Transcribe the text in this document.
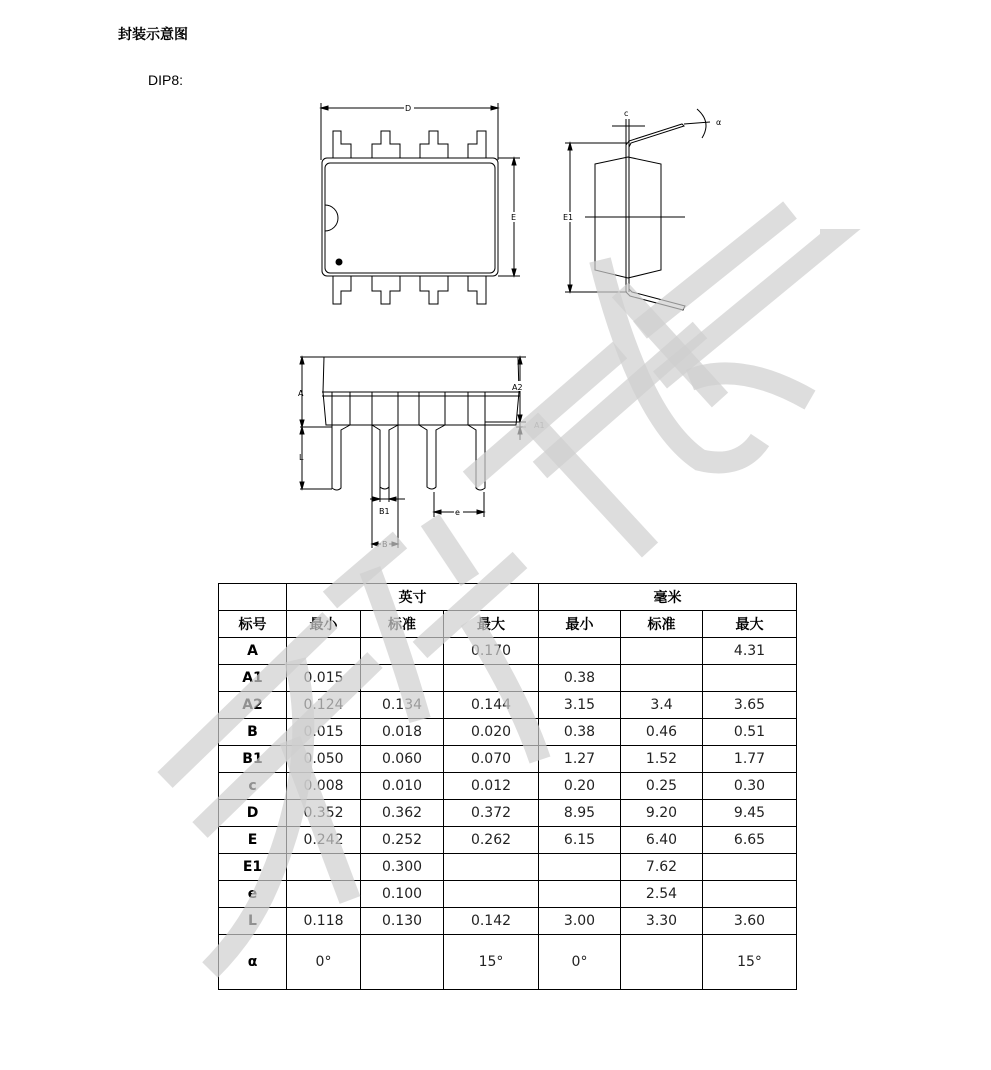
封装示意图
DIP8:
D
E
c
α
E1
A
L
A2
A1
B1
B
e
	英寸			毫米		
标号	最小	标准	最大	最小	标准	最大
A			0.170			4.31
A1	0.015			0.38		
A2	0.124	0.134	0.144	3.15	3.4	3.65
B	0.015	0.018	0.020	0.38	0.46	0.51
B1	0.050	0.060	0.070	1.27	1.52	1.77
c	0.008	0.010	0.012	0.20	0.25	0.30
D	0.352	0.362	0.372	8.95	9.20	9.45
E	0.242	0.252	0.262	6.15	6.40	6.65
E1		0.300			7.62	
e		0.100			2.54	
L	0.118	0.130	0.142	3.00	3.30	3.60
α	0°		15°	0°		15°
